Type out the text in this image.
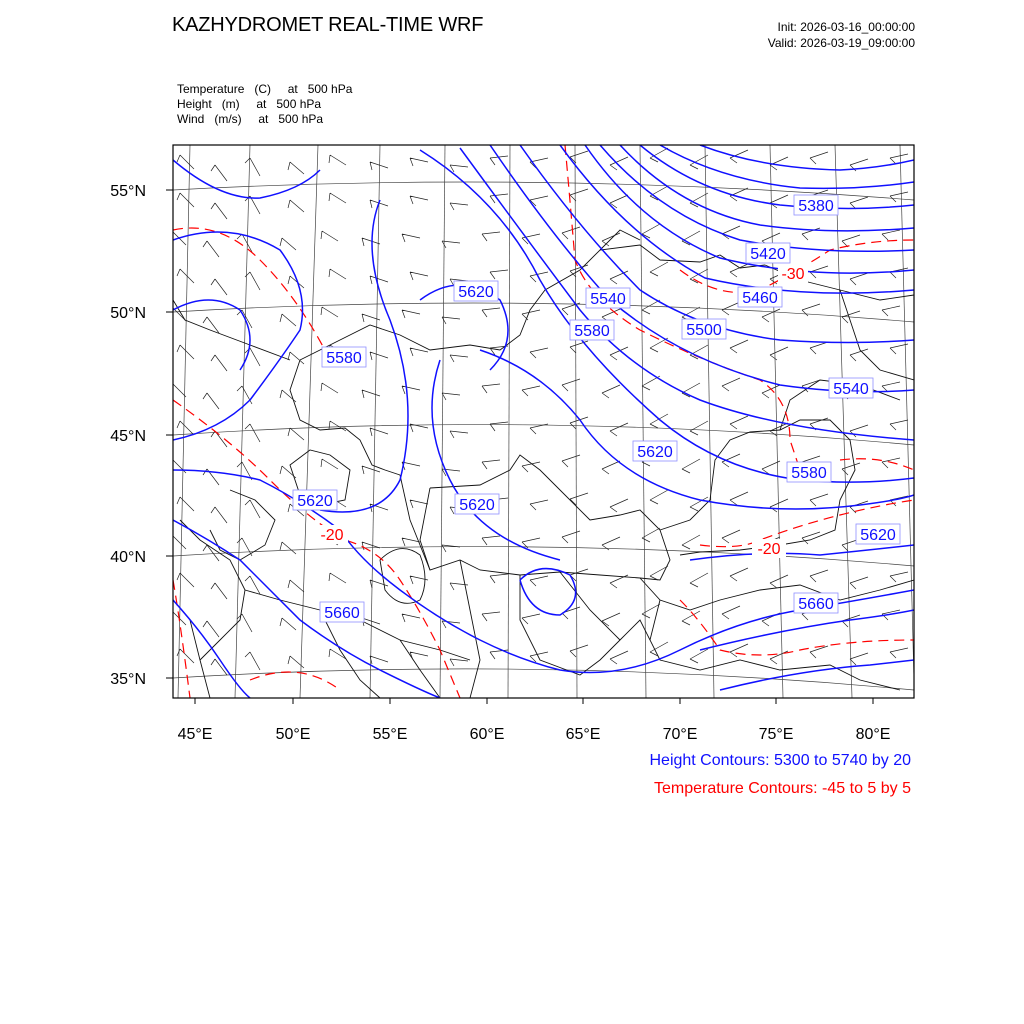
KAZHYDROMET REAL-TIME WRF	Init: 2026-03-16_00:00:00
Valid: 2026-03-19_09:00:00
Temperature   (C)     at   500 hPa
Height   (m)     at   500 hPa
Wind   (m/s)     at   500 hPa
55°N
50°N
45°N
40°N
35°N
45°E	50°E	55°E	60°E	65°E	70°E	75°E	80°E
5380
5420
5460
5500
5540
5540
5580
5580
5580
5620
5620
5620	5620
5620
5660
5660
-30
-20
-20
Height Contours: 5300 to 5740 by 20
Temperature Contours: -45 to 5 by 5
